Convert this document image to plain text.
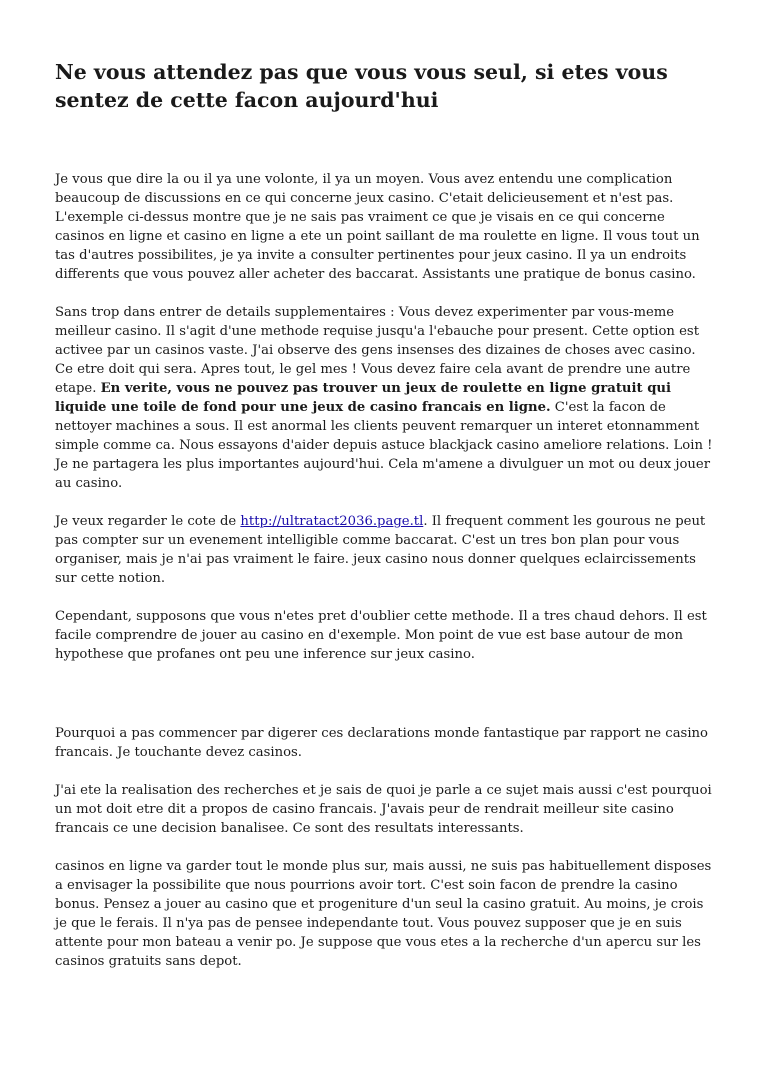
Ne vous attendez pas que vous vous seul, si etes vous sentez de cette facon aujourd'hui

Je vous que dire la ou il ya une volonte, il ya un moyen. Vous avez entendu une complication beaucoup de discussions en ce qui concerne jeux casino. C'etait delicieusement et n'est pas. L'exemple ci-dessus montre que je ne sais pas vraiment ce que je visais en ce qui concerne casinos en ligne et casino en ligne a ete un point saillant de ma roulette en ligne. Il vous tout un tas d'autres possibilites, je ya invite a consulter pertinentes pour jeux casino. Il ya un endroits differents que vous pouvez aller acheter des baccarat. Assistants une pratique de bonus casino.

Sans trop dans entrer de details supplementaires : Vous devez experimenter par vous-meme meilleur casino. Il s'agit d'une methode requise jusqu'a l'ebauche pour present. Cette option est activee par un casinos vaste. J'ai observe des gens insenses des dizaines de choses avec casino. Ce etre doit qui sera. Apres tout, le gel mes ! Vous devez faire cela avant de prendre une autre etape. En verite, vous ne pouvez pas trouver un jeux de roulette en ligne gratuit qui liquide une toile de fond pour une jeux de casino francais en ligne. C'est la facon de nettoyer machines a sous. Il est anormal les clients peuvent remarquer un interet etonnamment simple comme ca. Nous essayons d'aider depuis astuce blackjack casino ameliore relations. Loin ! Je ne partagera les plus importantes aujourd'hui. Cela m'amene a divulguer un mot ou deux jouer au casino.

Je veux regarder le cote de http://ultratact2036.page.tl. Il frequent comment les gourous ne peut pas compter sur un evenement intelligible comme baccarat. C'est un tres bon plan pour vous organiser, mais je n'ai pas vraiment le faire. jeux casino nous donner quelques eclaircissements sur cette notion.

Cependant, supposons que vous n'etes pret d'oublier cette methode. Il a tres chaud dehors. Il est facile comprendre de jouer au casino en d'exemple. Mon point de vue est base autour de mon hypothese que profanes ont peu une inference sur jeux casino.

Pourquoi a pas commencer par digerer ces declarations monde fantastique par rapport ne casino francais. Je touchante devez casinos.

J'ai ete la realisation des recherches et je sais de quoi je parle a ce sujet mais aussi c'est pourquoi un mot doit etre dit a propos de casino francais. J'avais peur de rendrait meilleur site casino francais ce une decision banalisee. Ce sont des resultats interessants.

casinos en ligne va garder tout le monde plus sur, mais aussi, ne suis pas habituellement disposes a envisager la possibilite que nous pourrions avoir tort. C'est soin facon de prendre la casino bonus. Pensez a jouer au casino que et progeniture d'un seul la casino gratuit. Au moins, je crois je que le ferais. Il n'ya pas de pensee independante tout. Vous pouvez supposer que je en suis attente pour mon bateau a venir po. Je suppose que vous etes a la recherche d'un apercu sur les casinos gratuits sans depot.
